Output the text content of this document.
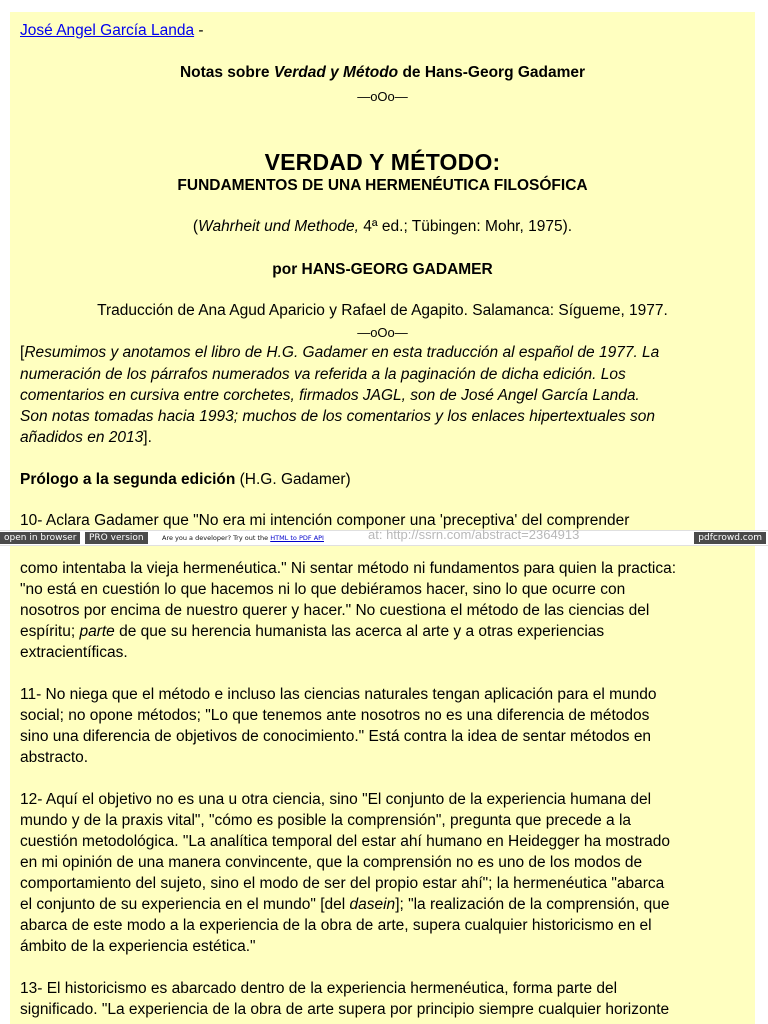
José Angel García Landa -
Notas sobre Verdad y Método de Hans-Georg Gadamer
—oOo—
VERDAD Y MÉTODO:
FUNDAMENTOS DE UNA HERMENÉUTICA FILOSÓFICA
(Wahrheit und Methode, 4ª ed.; Tübingen: Mohr, 1975).
por HANS-GEORG GADAMER
Traducción de Ana Agud Aparicio y Rafael de Agapito. Salamanca: Sígueme, 1977.
—oOo—
[Resumimos y anotamos el libro de H.G. Gadamer en esta traducción al español de 1977. La
numeración de los párrafos numerados va referida a la paginación de dicha edición. Los
comentarios en cursiva entre corchetes, firmados JAGL, son de José Angel García Landa.
Son notas tomadas hacia 1993; muchos de los comentarios y los enlaces hipertextuales son
añadidos en 2013].
Prólogo a la segunda edición (H.G. Gadamer)
10- Aclara Gadamer que "No era mi intención componer una 'preceptiva' del comprender
como intentaba la vieja hermenéutica." Ni sentar método ni fundamentos para quien la practica:
"no está en cuestión lo que hacemos ni lo que debiéramos hacer, sino lo que ocurre con
nosotros por encima de nuestro querer y hacer." No cuestiona el método de las ciencias del
espíritu; parte de que su herencia humanista las acerca al arte y a otras experiencias
extracientíficas.
11- No niega que el método e incluso las ciencias naturales tengan aplicación para el mundo
social; no opone métodos; "Lo que tenemos ante nosotros no es una diferencia de métodos
sino una diferencia de objetivos de conocimiento." Está contra la idea de sentar métodos en
abstracto.
12- Aquí el objetivo no es una u otra ciencia, sino "El conjunto de la experiencia humana del
mundo y de la praxis vital", "cómo es posible la comprensión", pregunta que precede a la
cuestión metodológica. "La analítica temporal del estar ahí humano en Heidegger ha mostrado
en mi opinión de una manera convincente, que la comprensión no es uno de los modos de
comportamiento del sujeto, sino el modo de ser del propio estar ahí"; la hermenéutica "abarca
el conjunto de su experiencia en el mundo" [del dasein]; "la realización de la comprensión, que
abarca de este modo a la experiencia de la obra de arte, supera cualquier historicismo en el
ámbito de la experiencia estética."
13- El historicismo es abarcado dentro de la experiencia hermenéutica, forma parte del
significado. "La experiencia de la obra de arte supera por principio siempre cualquier horizonte
open in browser	PRO version	Are you a developer? Try out the HTML to PDF API	at: http://ssrn.com/abstract=2364913	pdfcrowd.com
